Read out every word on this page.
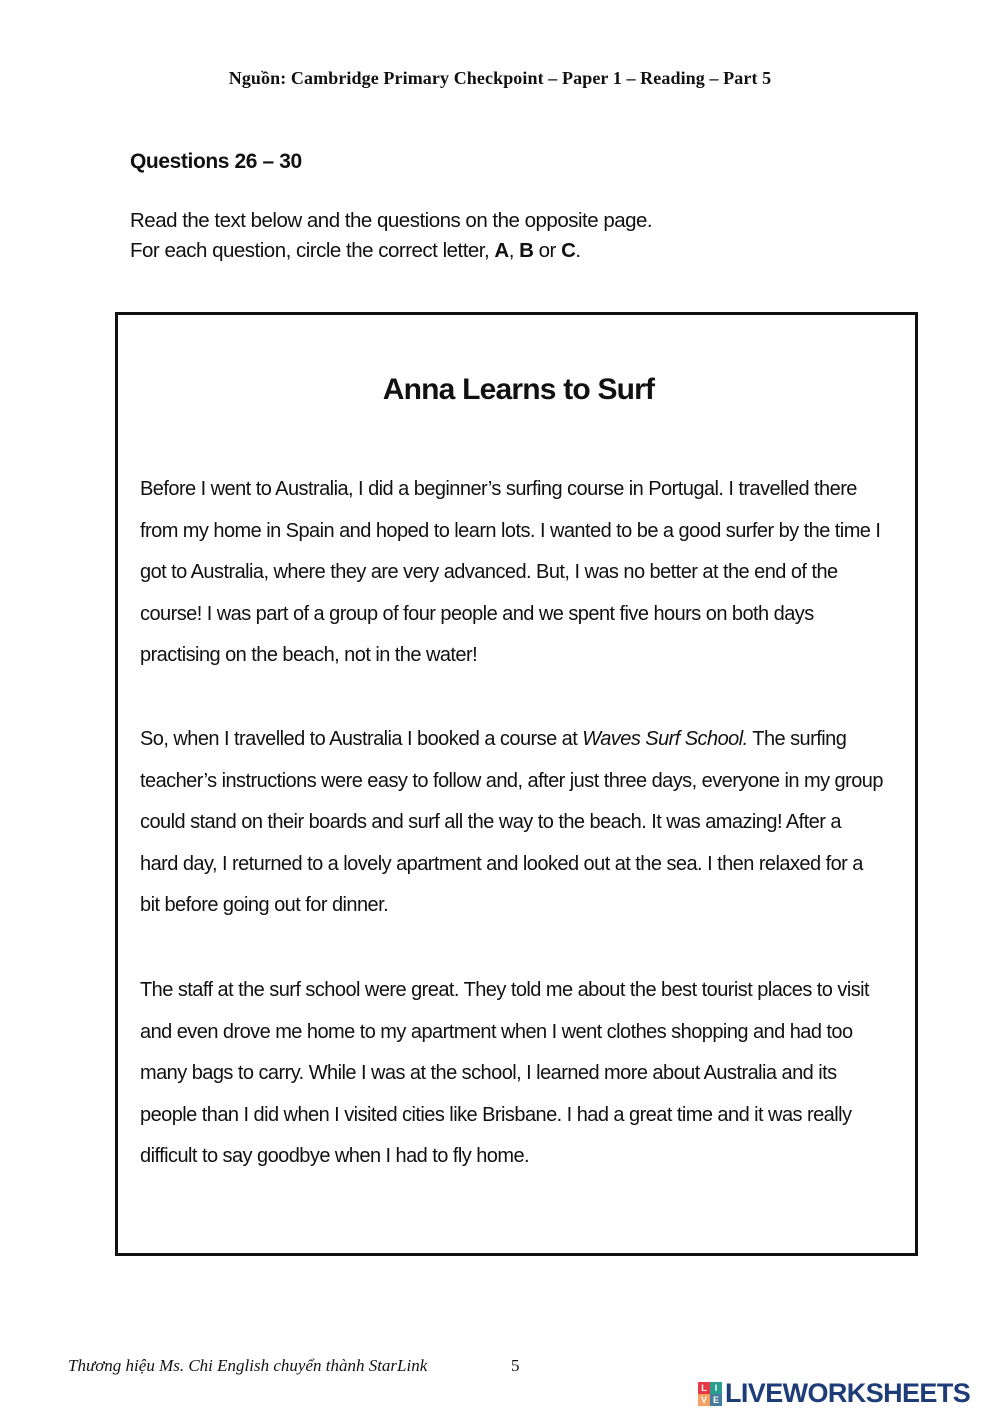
Nguồn: Cambridge Primary Checkpoint – Paper 1 – Reading – Part 5
Questions 26 – 30
Read the text below and the questions on the opposite page.
For each question, circle the correct letter, A, B or C.
Anna Learns to Surf
Before I went to Australia, I did a beginner’s surfing course in Portugal. I travelled there
from my home in Spain and hoped to learn lots. I wanted to be a good surfer by the time I
got to Australia, where they are very advanced. But, I was no better at the end of the
course! I was part of a group of four people and we spent five hours on both days
practising on the beach, not in the water!
So, when I travelled to Australia I booked a course at Waves Surf School. The surfing
teacher’s instructions were easy to follow and, after just three days, everyone in my group
could stand on their boards and surf all the way to the beach. It was amazing! After a
hard day, I returned to a lovely apartment and looked out at the sea. I then relaxed for a
bit before going out for dinner.
The staff at the surf school were great. They told me about the best tourist places to visit
and even drove me home to my apartment when I went clothes shopping and had too
many bags to carry. While I was at the school, I learned more about Australia and its
people than I did when I visited cities like Brisbane. I had a great time and it was really
difficult to say goodbye when I had to fly home.
Thương hiệu Ms. Chi English chuyển thành StarLink	5
L I
V E LIVEWORKSHEETS
